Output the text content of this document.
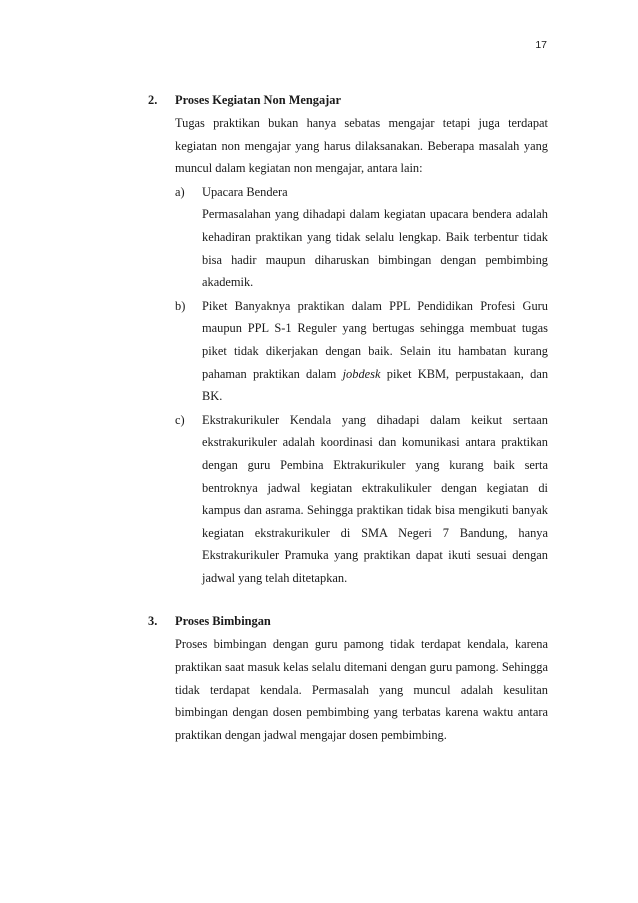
17
2.	Proses Kegiatan Non Mengajar
Tugas praktikan bukan hanya sebatas mengajar tetapi juga terdapat kegiatan non mengajar yang harus dilaksanakan. Beberapa masalah yang muncul dalam kegiatan non mengajar, antara lain:
a) Upacara Bendera
Permasalahan yang dihadapi dalam kegiatan upacara bendera adalah kehadiran praktikan yang tidak selalu lengkap. Baik terbentur tidak bisa hadir maupun diharuskan bimbingan dengan pembimbing akademik.
b) Piket Banyaknya praktikan dalam PPL Pendidikan Profesi Guru maupun PPL S-1 Reguler yang bertugas sehingga membuat tugas piket tidak dikerjakan dengan baik. Selain itu hambatan kurang pahaman praktikan dalam jobdesk piket KBM, perpustakaan, dan BK.
c) Ekstrakurikuler Kendala yang dihadapi dalam keikut sertaan ekstrakurikuler adalah koordinasi dan komunikasi antara praktikan dengan guru Pembina Ektrakurikuler yang kurang baik serta bentroknya jadwal kegiatan ektrakulikuler dengan kegiatan di kampus dan asrama. Sehingga praktikan tidak bisa mengikuti banyak kegiatan ekstrakurikuler di SMA Negeri 7 Bandung, hanya Ekstrakurikuler Pramuka yang praktikan dapat ikuti sesuai dengan jadwal yang telah ditetapkan.
3.	Proses Bimbingan
Proses bimbingan dengan guru pamong tidak terdapat kendala, karena praktikan saat masuk kelas selalu ditemani dengan guru pamong. Sehingga tidak terdapat kendala. Permasalah yang muncul adalah kesulitan bimbingan dengan dosen pembimbing yang terbatas karena waktu antara praktikan dengan jadwal mengajar dosen pembimbing.
